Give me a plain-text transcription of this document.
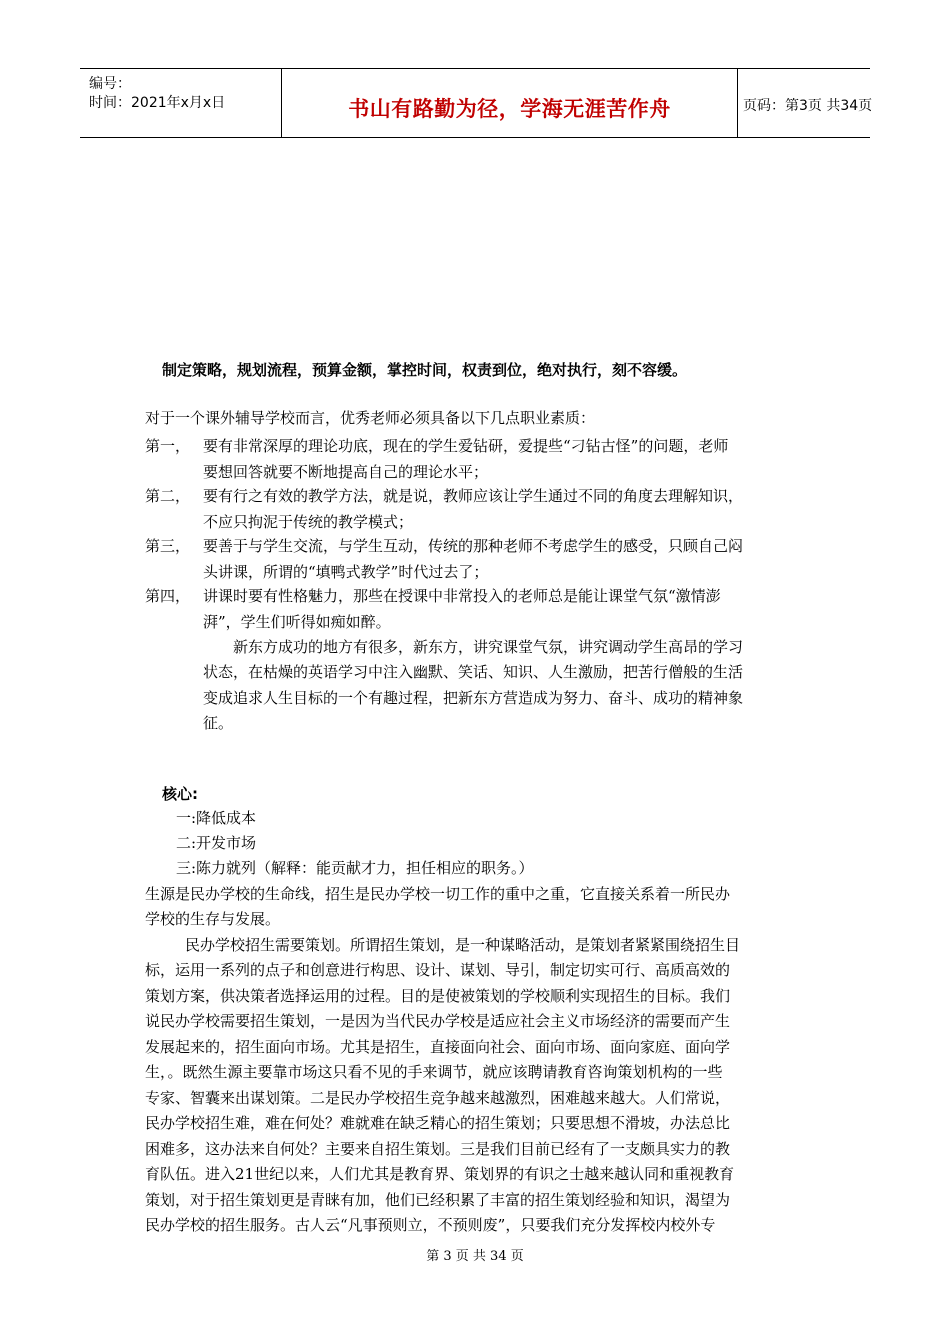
编号：
时间：2021年x月x日	书山有路勤为径，学海无涯苦作舟	页码：第3页 共34页
制定策略，规划流程，预算金额，掌控时间，权责到位，绝对执行，刻不容缓。
对于一个课外辅导学校而言，优秀老师必须具备以下几点职业素质：
第一， 要有非常深厚的理论功底，现在的学生爱钻研，爱提些“刁钻古怪”的问题，老师
要想回答就要不断地提高自己的理论水平；
第二， 要有行之有效的教学方法，就是说，教师应该让学生通过不同的角度去理解知识，
不应只拘泥于传统的教学模式；
第三， 要善于与学生交流，与学生互动，传统的那种老师不考虑学生的感受，只顾自己闷
头讲课，所谓的“填鸭式教学”时代过去了；
第四， 讲课时要有性格魅力，那些在授课中非常投入的老师总是能让课堂气氛“激情澎
湃”，学生们听得如痴如醉。
新东方成功的地方有很多，新东方，讲究课堂气氛，讲究调动学生高昂的学习
状态，在枯燥的英语学习中注入幽默、笑话、知识、人生激励，把苦行僧般的生活
变成追求人生目标的一个有趣过程，把新东方营造成为努力、奋斗、成功的精神象
征。
核心:
一:降低成本
二:开发市场
三:陈力就列（解释：能贡献才力，担任相应的职务。）
生源是民办学校的生命线，招生是民办学校一切工作的重中之重，它直接关系着一所民办
学校的生存与发展。
民办学校招生需要策划。所谓招生策划，是一种谋略活动，是策划者紧紧围绕招生目
标，运用一系列的点子和创意进行构思、设计、谋划、导引，制定切实可行、高质高效的
策划方案，供决策者选择运用的过程。目的是使被策划的学校顺利实现招生的目标。我们
说民办学校需要招生策划，一是因为当代民办学校是适应社会主义市场经济的需要而产生
发展起来的，招生面向市场。尤其是招生，直接面向社会、面向市场、面向家庭、面向学
生，。既然生源主要靠市场这只看不见的手来调节，就应该聘请教育咨询策划机构的一些
专家、智囊来出谋划策。二是民办学校招生竞争越来越激烈，困难越来越大。人们常说，
民办学校招生难，难在何处？难就难在缺乏精心的招生策划；只要思想不滑坡，办法总比
困难多，这办法来自何处？主要来自招生策划。三是我们目前已经有了一支颇具实力的教
育队伍。进入21世纪以来，人们尤其是教育界、策划界的有识之士越来越认同和重视教育
策划，对于招生策划更是青睐有加，他们已经积累了丰富的招生策划经验和知识，渴望为
民办学校的招生服务。古人云“凡事预则立，不预则废”，只要我们充分发挥校内校外专
第 3 页 共 34 页
